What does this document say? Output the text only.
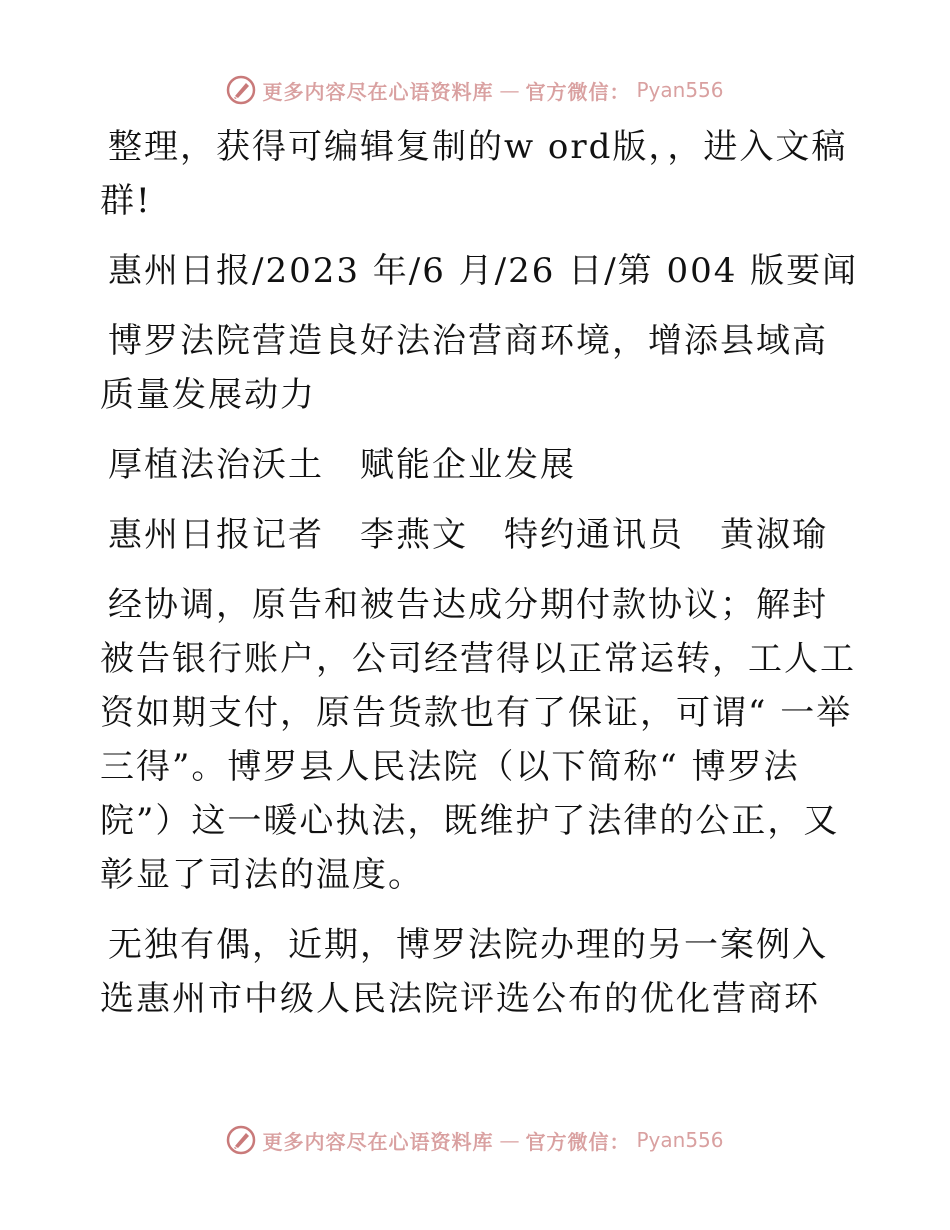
更多内容尽在心语资料库 — 官方微信： Pyan556

整理，获得可编辑复制的w ord版，，进入文稿群!

惠州日报/2023 年/6 月/26 日/第 004 版要闻

博罗法院营造良好法治营商环境，增添县域高质量发展动力

厚植法治沃土　赋能企业发展

惠州日报记者　李燕文　特约通讯员　黄淑瑜

经协调，原告和被告达成分期付款协议；解封被告银行账户，公司经营得以正常运转，工人工资如期支付，原告货款也有了保证，可谓“ 一举三得”。博罗县人民法院（以下简称“ 博罗法院”）这一暖心执法，既维护了法律的公正，又彰显了司法的温度。

无独有偶，近期，博罗法院办理的另一案例入选惠州市中级人民法院评选公布的优化营商环

更多内容尽在心语资料库 — 官方微信： Pyan556
